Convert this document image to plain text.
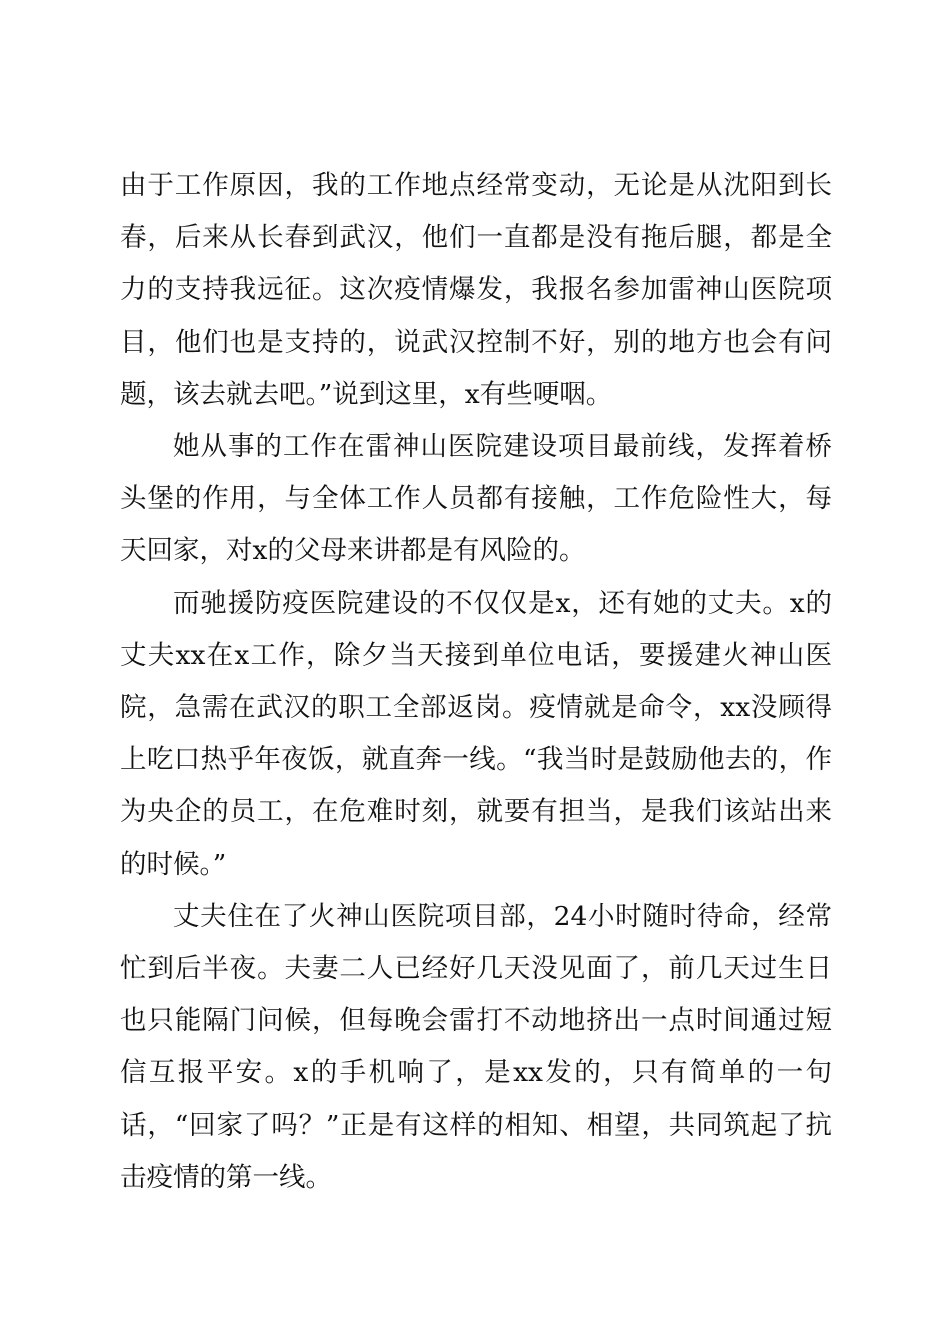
由于工作原因，我的工作地点经常变动，无论是从沈阳到长春，后来从长春到武汉，他们一直都是没有拖后腿，都是全力的支持我远征。这次疫情爆发，我报名参加雷神山医院项目，他们也是支持的，说武汉控制不好，别的地方也会有问题，该去就去吧。”说到这里，x有些哽咽。

她从事的工作在雷神山医院建设项目最前线，发挥着桥头堡的作用，与全体工作人员都有接触，工作危险性大，每天回家，对x的父母来讲都是有风险的。

而驰援防疫医院建设的不仅仅是x，还有她的丈夫。x的丈夫xx在x工作，除夕当天接到单位电话，要援建火神山医院，急需在武汉的职工全部返岗。疫情就是命令，xx没顾得上吃口热乎年夜饭，就直奔一线。“我当时是鼓励他去的，作为央企的员工，在危难时刻，就要有担当，是我们该站出来的时候。”

丈夫住在了火神山医院项目部，24小时随时待命，经常忙到后半夜。夫妻二人已经好几天没见面了，前几天过生日也只能隔门问候，但每晚会雷打不动地挤出一点时间通过短信互报平安。x的手机响了，是xx发的，只有简单的一句话，“回家了吗？”正是有这样的相知、相望，共同筑起了抗击疫情的第一线。
